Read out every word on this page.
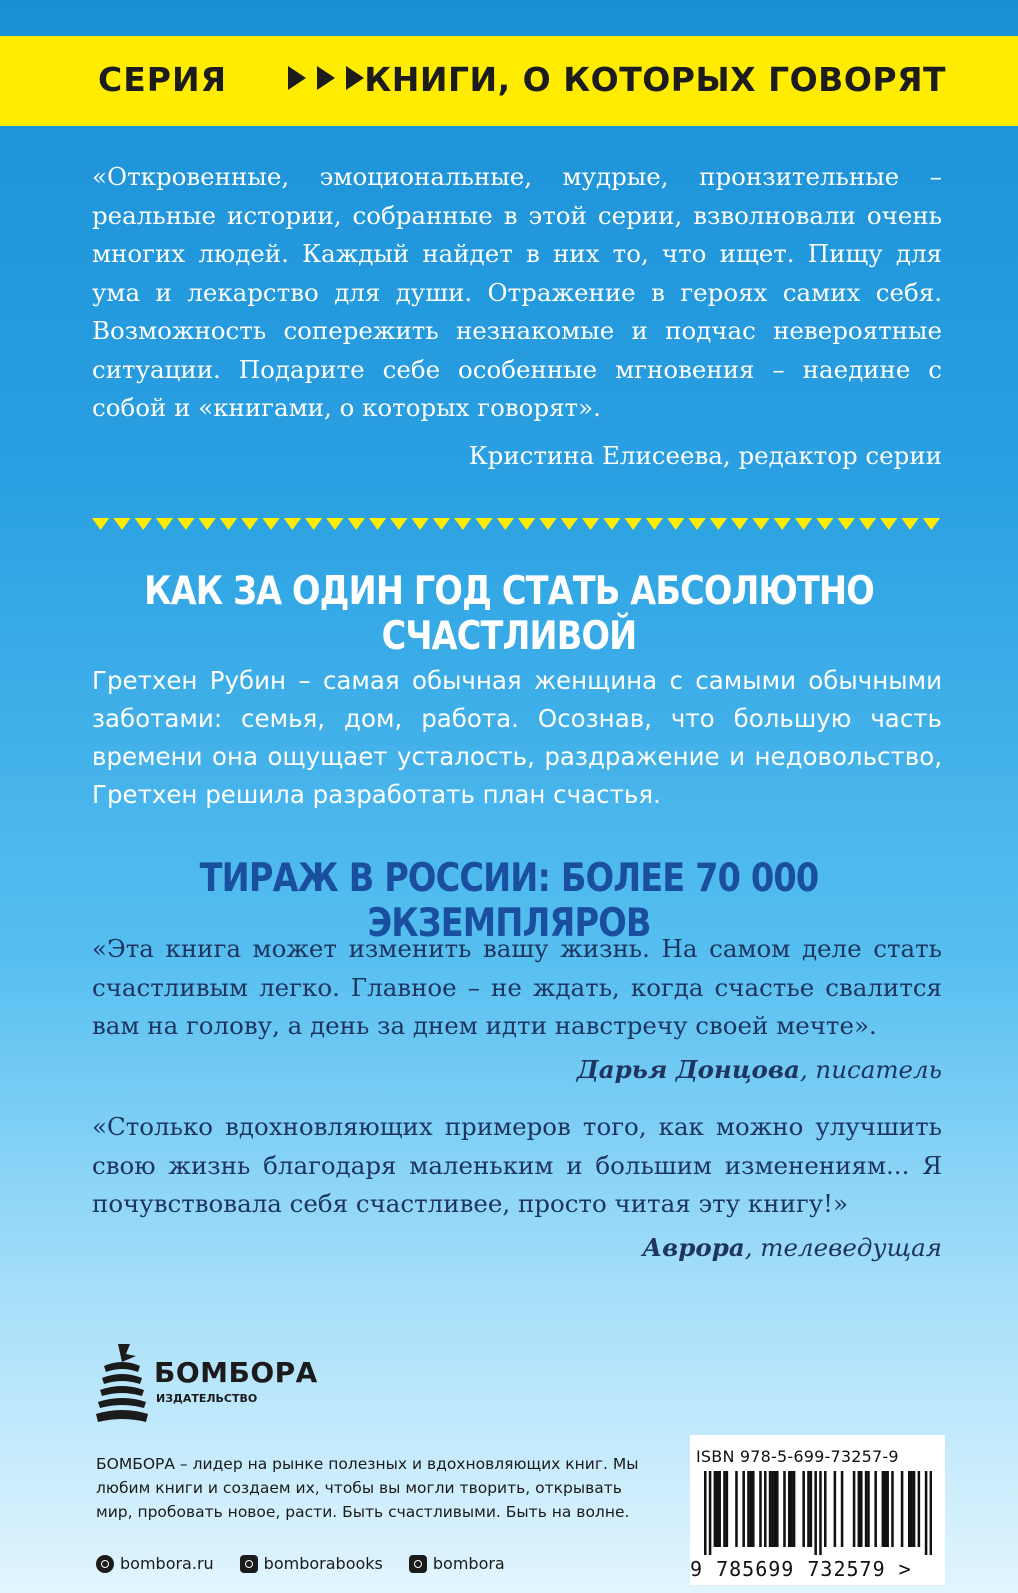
СЕРИЯ	КНИГИ, О КОТОРЫХ ГОВОРЯТ

«Откровенные, эмоциональные, мудрые, пронзительные – реальные истории, собранные в этой серии, взволновали очень многих людей. Каждый найдет в них то, что ищет. Пищу для ума и лекарство для души. Отражение в героях самих себя. Возможность сопережить незнакомые и подчас невероятные ситуации. Подарите себе особенные мгновения – наедине с собой и «книгами, о которых говорят».

Кристина Елисеева, редактор серии
КАК ЗА ОДИН ГОД СТАТЬ АБСОЛЮТНО СЧАСТЛИВОЙ

Гретхен Рубин – самая обычная женщина с самыми обычными заботами: семья, дом, работа. Осознав, что большую часть времени она ощущает усталость, раздражение и недовольство, Гретхен решила разработать план счастья.

ТИРАЖ В РОССИИ: БОЛЕЕ 70 000 ЭКЗЕМПЛЯРОВ

«Эта книга может изменить вашу жизнь. На самом деле стать счастливым легко. Главное – не ждать, когда счастье свалится вам на голову, а день за днем идти навстречу своей мечте».

Дарья Донцова, писатель

«Столько вдохновляющих примеров того, как можно улучшить свою жизнь благодаря маленьким и большим изменениям... Я почувствовала себя счастливее, просто читая эту книгу!»

Аврора, телеведущая
БОМБОРА
ИЗДАТЕЛЬСТВО

БОМБОРА – лидер на рынке полезных и вдохновляющих книг. Мы любим книги и создаем их, чтобы вы могли творить, открывать мир, пробовать новое, расти. Быть счастливыми. Быть на волне.

bombora.ru	bomborabooks	bombora
ISBN 978-5-699-73257-9
9 785699 732579 >
